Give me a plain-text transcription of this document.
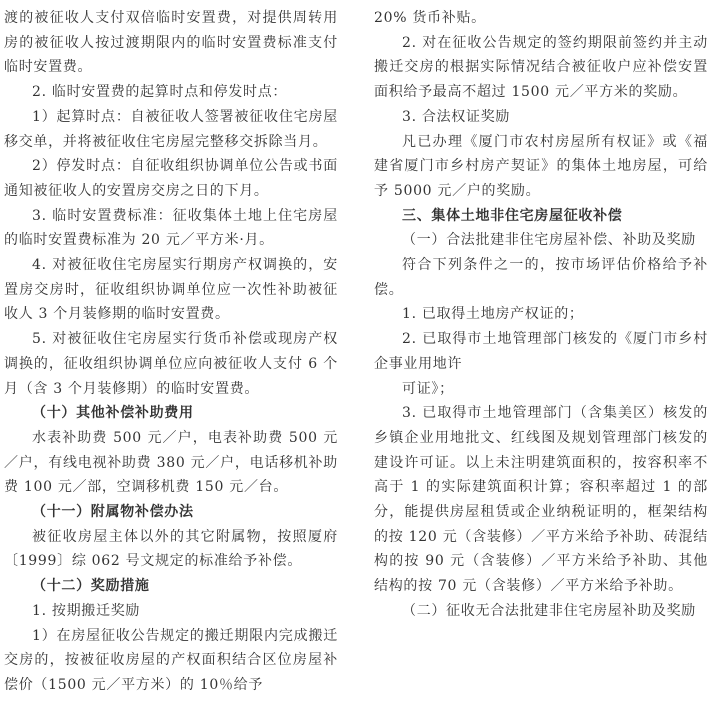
渡的被征收人支付双倍临时安置费，对提供周转用房的被征收人按过渡期限内的临时安置费标准支付临时安置费。

2. 临时安置费的起算时点和停发时点：

1）起算时点：自被征收人签署被征收住宅房屋移交单，并将被征收住宅房屋完整移交拆除当月。

2）停发时点：自征收组织协调单位公告或书面通知被征收人的安置房交房之日的下月。

3. 临时安置费标准：征收集体土地上住宅房屋的临时安置费标准为 20 元／平方米·月。

4. 对被征收住宅房屋实行期房产权调换的，安置房交房时，征收组织协调单位应一次性补助被征收人 3 个月装修期的临时安置费。

5. 对被征收住宅房屋实行货币补偿或现房产权调换的，征收组织协调单位应向被征收人支付 6 个月（含 3 个月装修期）的临时安置费。

（十）其他补偿补助费用

水表补助费 500 元／户，电表补助费 500 元／户，有线电视补助费 380 元／户，电话移机补助费 100 元／部，空调移机费 150 元／台。

（十一）附属物补偿办法

被征收房屋主体以外的其它附属物，按照厦府〔1999〕综 062 号文规定的标准给予补偿。

（十二）奖励措施

1. 按期搬迁奖励

1）在房屋征收公告规定的搬迁期限内完成搬迁交房的，按被征收房屋的产权面积结合区位房屋补偿价（1500 元／平方米）的 10％给予

20% 货币补贴。

2. 对在征收公告规定的签约期限前签约并主动搬迁交房的根据实际情况结合被征收户应补偿安置面积给予最高不超过 1500 元／平方米的奖励。

3. 合法权证奖励

凡已办理《厦门市农村房屋所有权证》或《福建省厦门市乡村房产契证》的集体土地房屋，可给予 5000 元／户的奖励。

三、集体土地非住宅房屋征收补偿

（一）合法批建非住宅房屋补偿、补助及奖励

符合下列条件之一的，按市场评估价格给予补偿。

1. 已取得土地房产权证的；

2. 已取得市土地管理部门核发的《厦门市乡村企事业用地许

可证》；

3. 已取得市土地管理部门（含集美区）核发的乡镇企业用地批文、红线图及规划管理部门核发的建设许可证。以上未注明建筑面积的，按容积率不高于 1 的实际建筑面积计算；容积率超过 1 的部分，能提供房屋租赁或企业纳税证明的，框架结构的按 120 元（含装修）／平方米给予补助、砖混结构的按 90 元（含装修）／平方米给予补助、其他结构的按 70 元（含装修）／平方米给予补助。

（二）征收无合法批建非住宅房屋补助及奖励
